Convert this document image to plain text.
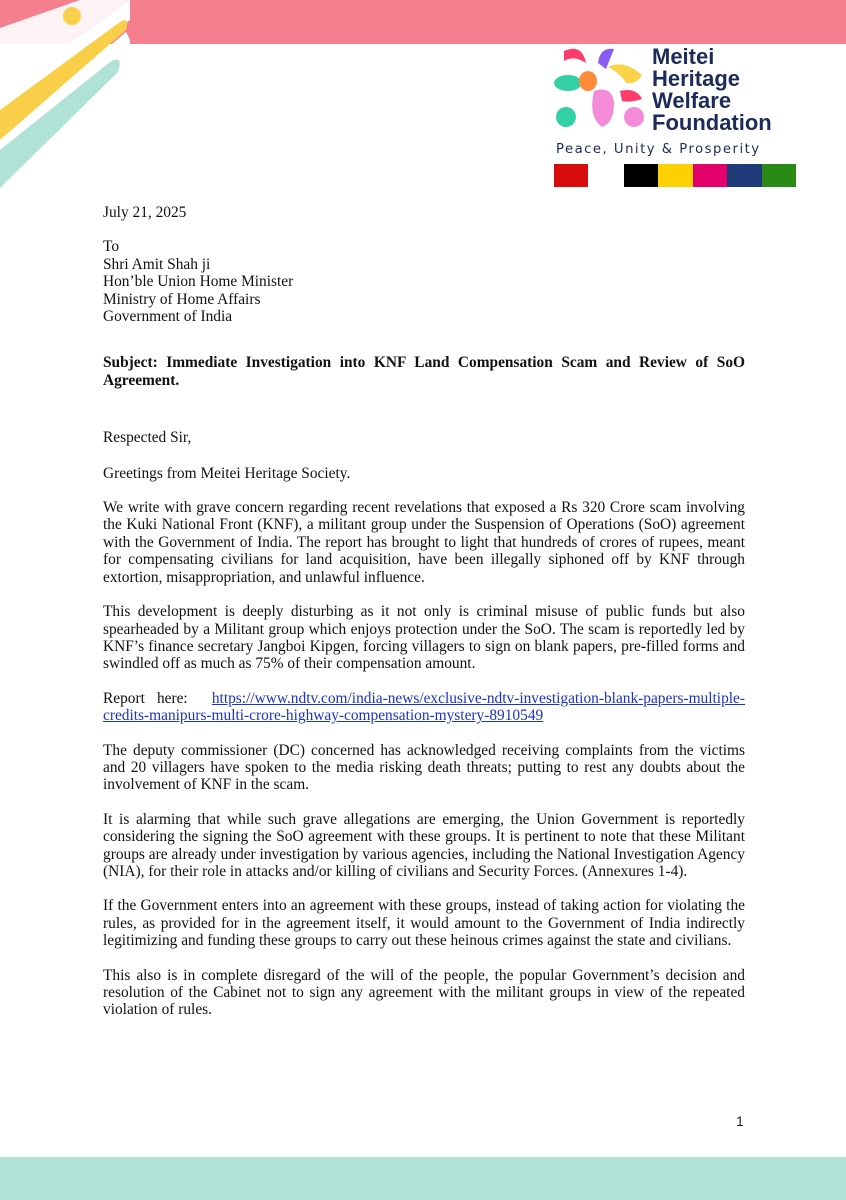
Meitei
Heritage
Welfare
Foundation
Peace, Unity & Prosperity
July 21, 2025
To
Shri Amit Shah ji
Hon’ble Union Home Minister
Ministry of Home Affairs
Government of India
Subject: Immediate Investigation into KNF Land Compensation Scam and Review of SoO Agreement.
Respected Sir,
Greetings from Meitei Heritage Society.
We write with grave concern regarding recent revelations that exposed a Rs 320 Crore scam involving the Kuki National Front (KNF), a militant group under the Suspension of Operations (SoO) agreement with the Government of India. The report has brought to light that hundreds of crores of rupees, meant for compensating civilians for land acquisition, have been illegally siphoned off by KNF through extortion, misappropriation, and unlawful influence.
This development is deeply disturbing as it not only is criminal misuse of public funds but also spearheaded by a Militant group which enjoys protection under the SoO. The scam is reportedly led by KNF’s finance secretary Jangboi Kipgen, forcing villagers to sign on blank papers, pre-filled forms and swindled off as much as 75% of their compensation amount.
Report here: https://www.ndtv.com/india-news/exclusive-ndtv-investigation-blank-papers-multiple-credits-manipurs-multi-crore-highway-compensation-mystery-8910549
The deputy commissioner (DC) concerned has acknowledged receiving complaints from the victims and 20 villagers have spoken to the media risking death threats; putting to rest any doubts about the involvement of KNF in the scam.
It is alarming that while such grave allegations are emerging, the Union Government is reportedly considering the signing the SoO agreement with these groups. It is pertinent to note that these Militant groups are already under investigation by various agencies, including the National Investigation Agency (NIA), for their role in attacks and/or killing of civilians and Security Forces. (Annexures 1-4).
If the Government enters into an agreement with these groups, instead of taking action for violating the rules, as provided for in the agreement itself, it would amount to the Government of India indirectly legitimizing and funding these groups to carry out these heinous crimes against the state and civilians.
This also is in complete disregard of the will of the people, the popular Government’s decision and resolution of the Cabinet not to sign any agreement with the militant groups in view of the repeated violation of rules.
1
